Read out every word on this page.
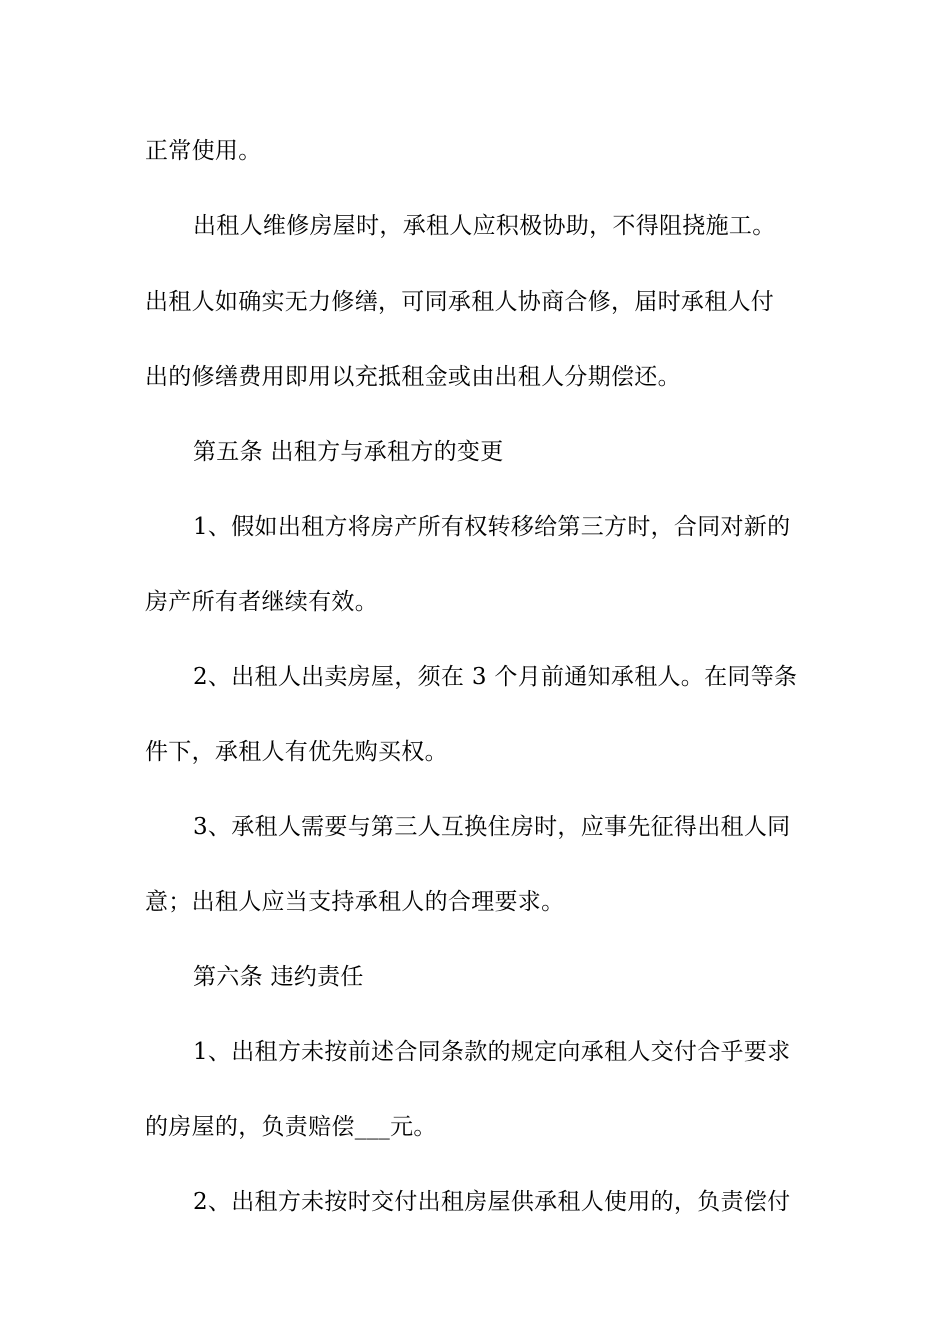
正常使用。
出租人维修房屋时，承租人应积极协助，不得阻挠施工。
出租人如确实无力修缮，可同承租人协商合修，届时承租人付
出的修缮费用即用以充抵租金或由出租人分期偿还。
第五条 出租方与承租方的变更
1、假如出租方将房产所有权转移给第三方时，合同对新的
房产所有者继续有效。
2、出租人出卖房屋，须在 3 个月前通知承租人。在同等条
件下，承租人有优先购买权。
3、承租人需要与第三人互换住房时，应事先征得出租人同
意；出租人应当支持承租人的合理要求。
第六条 违约责任
1、出租方未按前述合同条款的规定向承租人交付合乎要求
的房屋的，负责赔偿___元。
2、出租方未按时交付出租房屋供承租人使用的，负责偿付
